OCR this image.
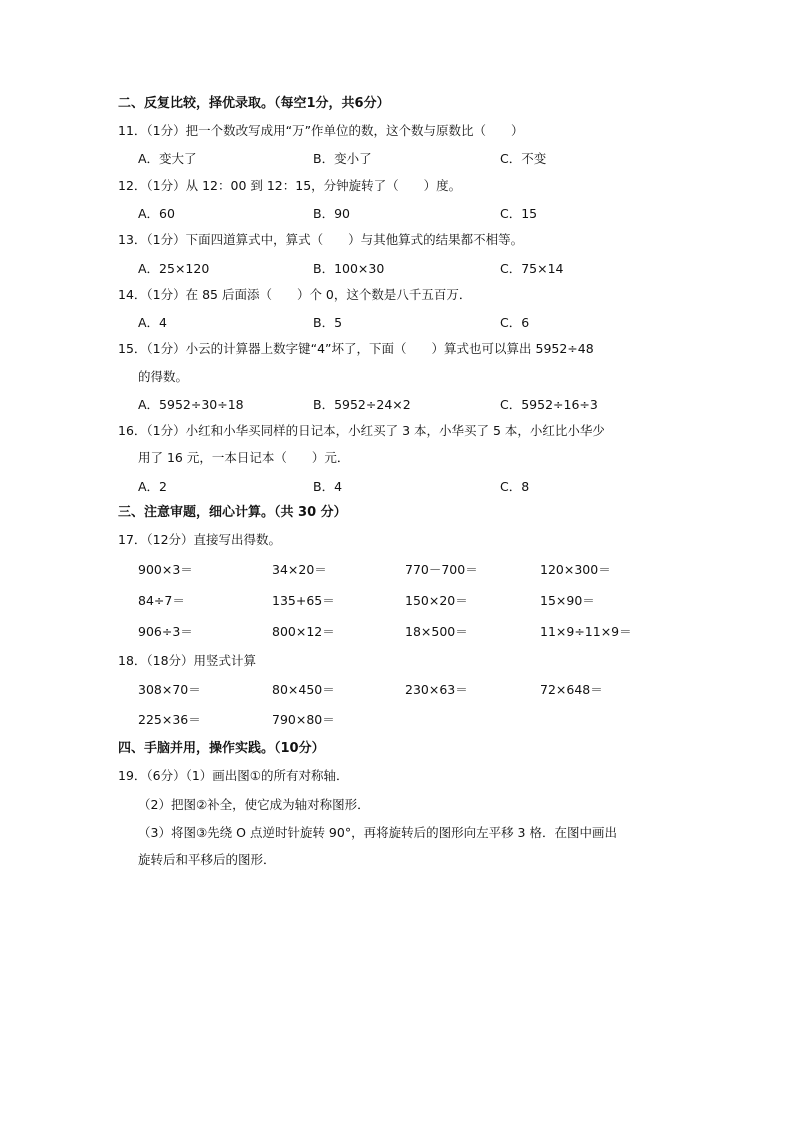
二、反复比较，择优录取。（每空1分，共6分）
11．（1分）把一个数改写成用“万”作单位的数，这个数与原数比（　　）
A．变大了	B．变小了	C．不变
12．（1分）从 12：00 到 12：15，分钟旋转了（　　）度。
A．60	B．90	C．15
13．（1分）下面四道算式中，算式（　　）与其他算式的结果都不相等。
A．25×120	B．100×30	C．75×14
14．（1分）在 85 后面添（　　）个 0，这个数是八千五百万．
A．4	B．5	C．6
15．（1分）小云的计算器上数字键“4”坏了，下面（　　）算式也可以算出 5952÷48
的得数。
A．5952÷30÷18	B．5952÷24×2	C．5952÷16÷3
16．（1分）小红和小华买同样的日记本，小红买了 3 本，小华买了 5 本，小红比小华少
用了 16 元，一本日记本（　　）元．
A．2	B．4	C．8
三、注意审题，细心计算。（共 30 分）
17．（12分）直接写出得数。
900×3＝	34×20＝	770－700＝	120×300＝
84÷7＝	135+65＝	150×20＝	15×90＝
906÷3＝	800×12＝	18×500＝	11×9÷11×9＝
18．（18分）用竖式计算
308×70＝	80×450＝	230×63＝	72×648＝
225×36＝	790×80＝
四、手脑并用，操作实践。（10分）
19．（6分）（1）画出图①的所有对称轴．
（2）把图②补全，使它成为轴对称图形．
（3）将图③先绕 O 点逆时针旋转 90°，再将旋转后的图形向左平移 3 格．在图中画出
旋转后和平移后的图形．
